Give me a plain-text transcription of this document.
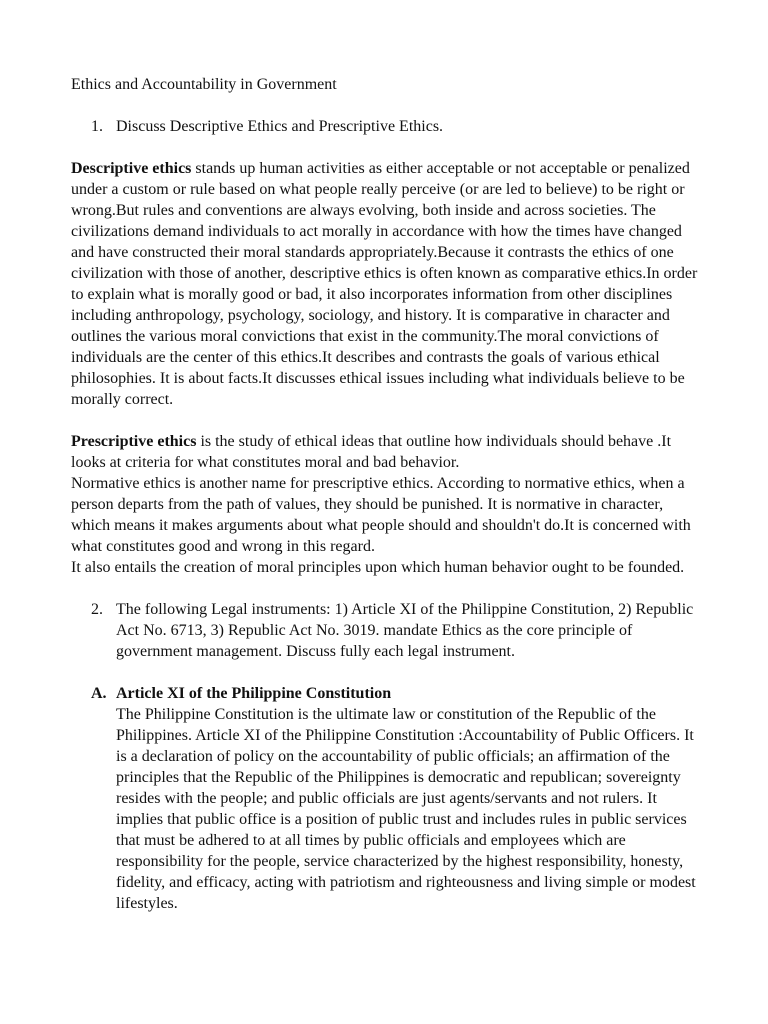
Ethics and Accountability in Government

1. Discuss Descriptive Ethics and Prescriptive Ethics.

Descriptive ethics stands up human activities as either acceptable or not acceptable or penalized under a custom or rule based on what people really perceive (or are led to believe) to be right or wrong.But rules and conventions are always evolving, both inside and across societies. The civilizations demand individuals to act morally in accordance with how the times have changed and have constructed their moral standards appropriately.Because it contrasts the ethics of one civilization with those of another, descriptive ethics is often known as comparative ethics.In order to explain what is morally good or bad, it also incorporates information from other disciplines including anthropology, psychology, sociology, and history. It is comparative in character and outlines the various moral convictions that exist in the community.The moral convictions of individuals are the center of this ethics.It describes and contrasts the goals of various ethical philosophies. It is about facts.It discusses ethical issues including what individuals believe to be morally correct.

Prescriptive ethics is the study of ethical ideas that outline how individuals should behave .It looks at criteria for what constitutes moral and bad behavior.
Normative ethics is another name for prescriptive ethics. According to normative ethics, when a person departs from the path of values, they should be punished. It is normative in character, which means it makes arguments about what people should and shouldn't do.It is concerned with what constitutes good and wrong in this regard.
It also entails the creation of moral principles upon which human behavior ought to be founded.
2. The following Legal instruments: 1) Article XI of the Philippine Constitution, 2) Republic Act No. 6713, 3) Republic Act No. 3019. mandate Ethics as the core principle of government management. Discuss fully each legal instrument.
A. Article XI of the Philippine Constitution
The Philippine Constitution is the ultimate law or constitution of the Republic of the Philippines. Article XI of the Philippine Constitution :Accountability of Public Officers. It is a declaration of policy on the accountability of public officials; an affirmation of the principles that the Republic of the Philippines is democratic and republican; sovereignty resides with the people; and public officials are just agents/servants and not rulers. It implies that public office is a position of public trust and includes rules in public services that must be adhered to at all times by public officials and employees which are responsibility for the people, service characterized by the highest responsibility, honesty, fidelity, and efficacy, acting with patriotism and righteousness and living simple or modest lifestyles.
